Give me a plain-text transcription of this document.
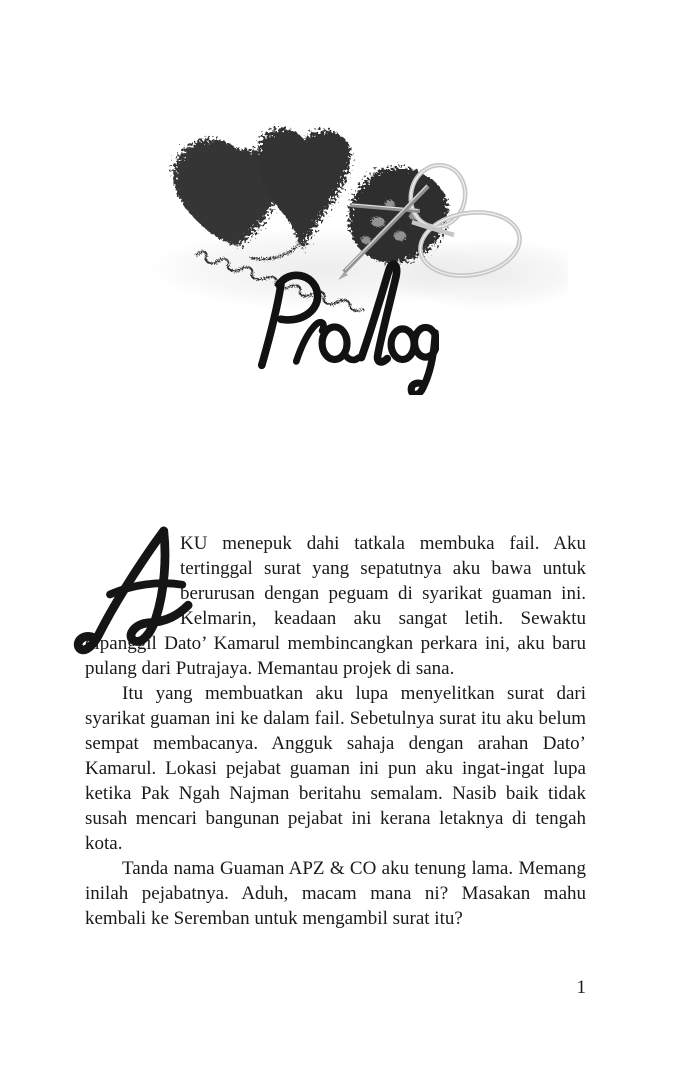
KU menepuk dahi tatkala membuka fail. Aku tertinggal surat yang sepatutnya aku bawa untuk berurusan dengan peguam di syarikat guaman ini. Kelmarin, keadaan aku sangat letih. Sewaktu dipanggil Dato’ Kamarul membincangkan perkara ini, aku baru pulang dari Putrajaya. Memantau projek di sana.

Itu yang membuatkan aku lupa menyelitkan surat dari syarikat guaman ini ke dalam fail. Sebetulnya surat itu aku belum sempat membacanya. Angguk sahaja dengan arahan Dato’ Kamarul. Lokasi pejabat guaman ini pun aku ingat-ingat lupa ketika Pak Ngah Najman beritahu semalam. Nasib baik tidak susah mencari bangunan pejabat ini kerana letaknya di tengah kota.

Tanda nama Guaman APZ & CO aku tenung lama. Memang inilah pejabatnya. Aduh, macam mana ni? Masakan mahu kembali ke Seremban untuk mengambil surat itu?

1
